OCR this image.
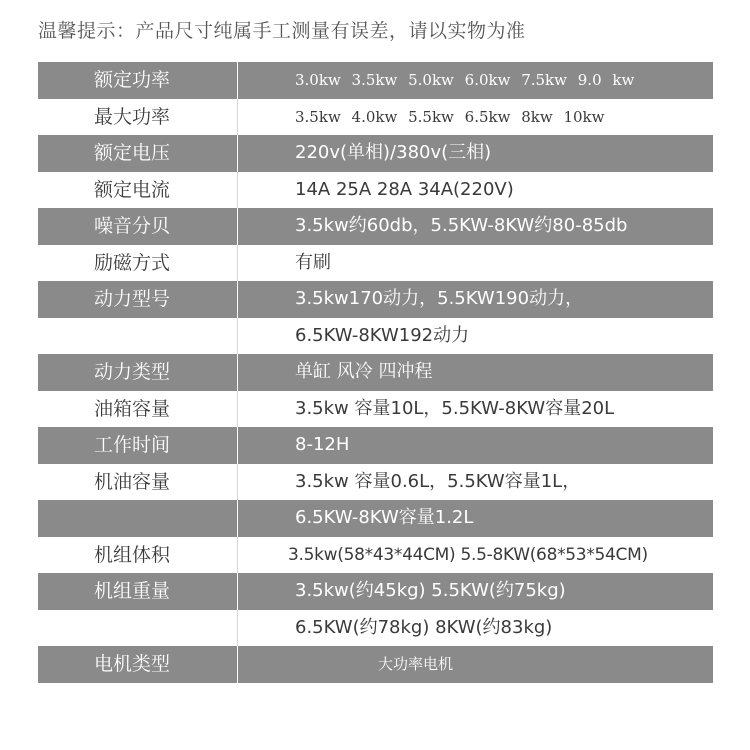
温馨提示：产品尺寸纯属手工测量有误差，请以实物为准
额定功率	3.0kw 3.5kw 5.0kw 6.0kw 7.5kw 9.0 kw
最大功率	3.5kw 4.0kw 5.5kw 6.5kw 8kw 10kw
额定电压	220v(单相)/380v(三相)
额定电流	14A 25A 28A 34A(220V)
噪音分贝	3.5kw约60db，5.5KW-8KW约80-85db
励磁方式	有刷
动力型号	3.5kw170动力，5.5KW190动力，
6.5KW-8KW192动力
动力类型	单缸 风冷 四冲程
油箱容量	3.5kw 容量10L，5.5KW-8KW容量20L
工作时间	8-12H
机油容量	3.5kw 容量0.6L，5.5KW容量1L，
6.5KW-8KW容量1.2L
机组体积	3.5kw(58*43*44CM) 5.5-8KW(68*53*54CM)
机组重量	3.5kw(约45kg) 5.5KW(约75kg)
6.5KW(约78kg) 8KW(约83kg)
电机类型	大功率电机
